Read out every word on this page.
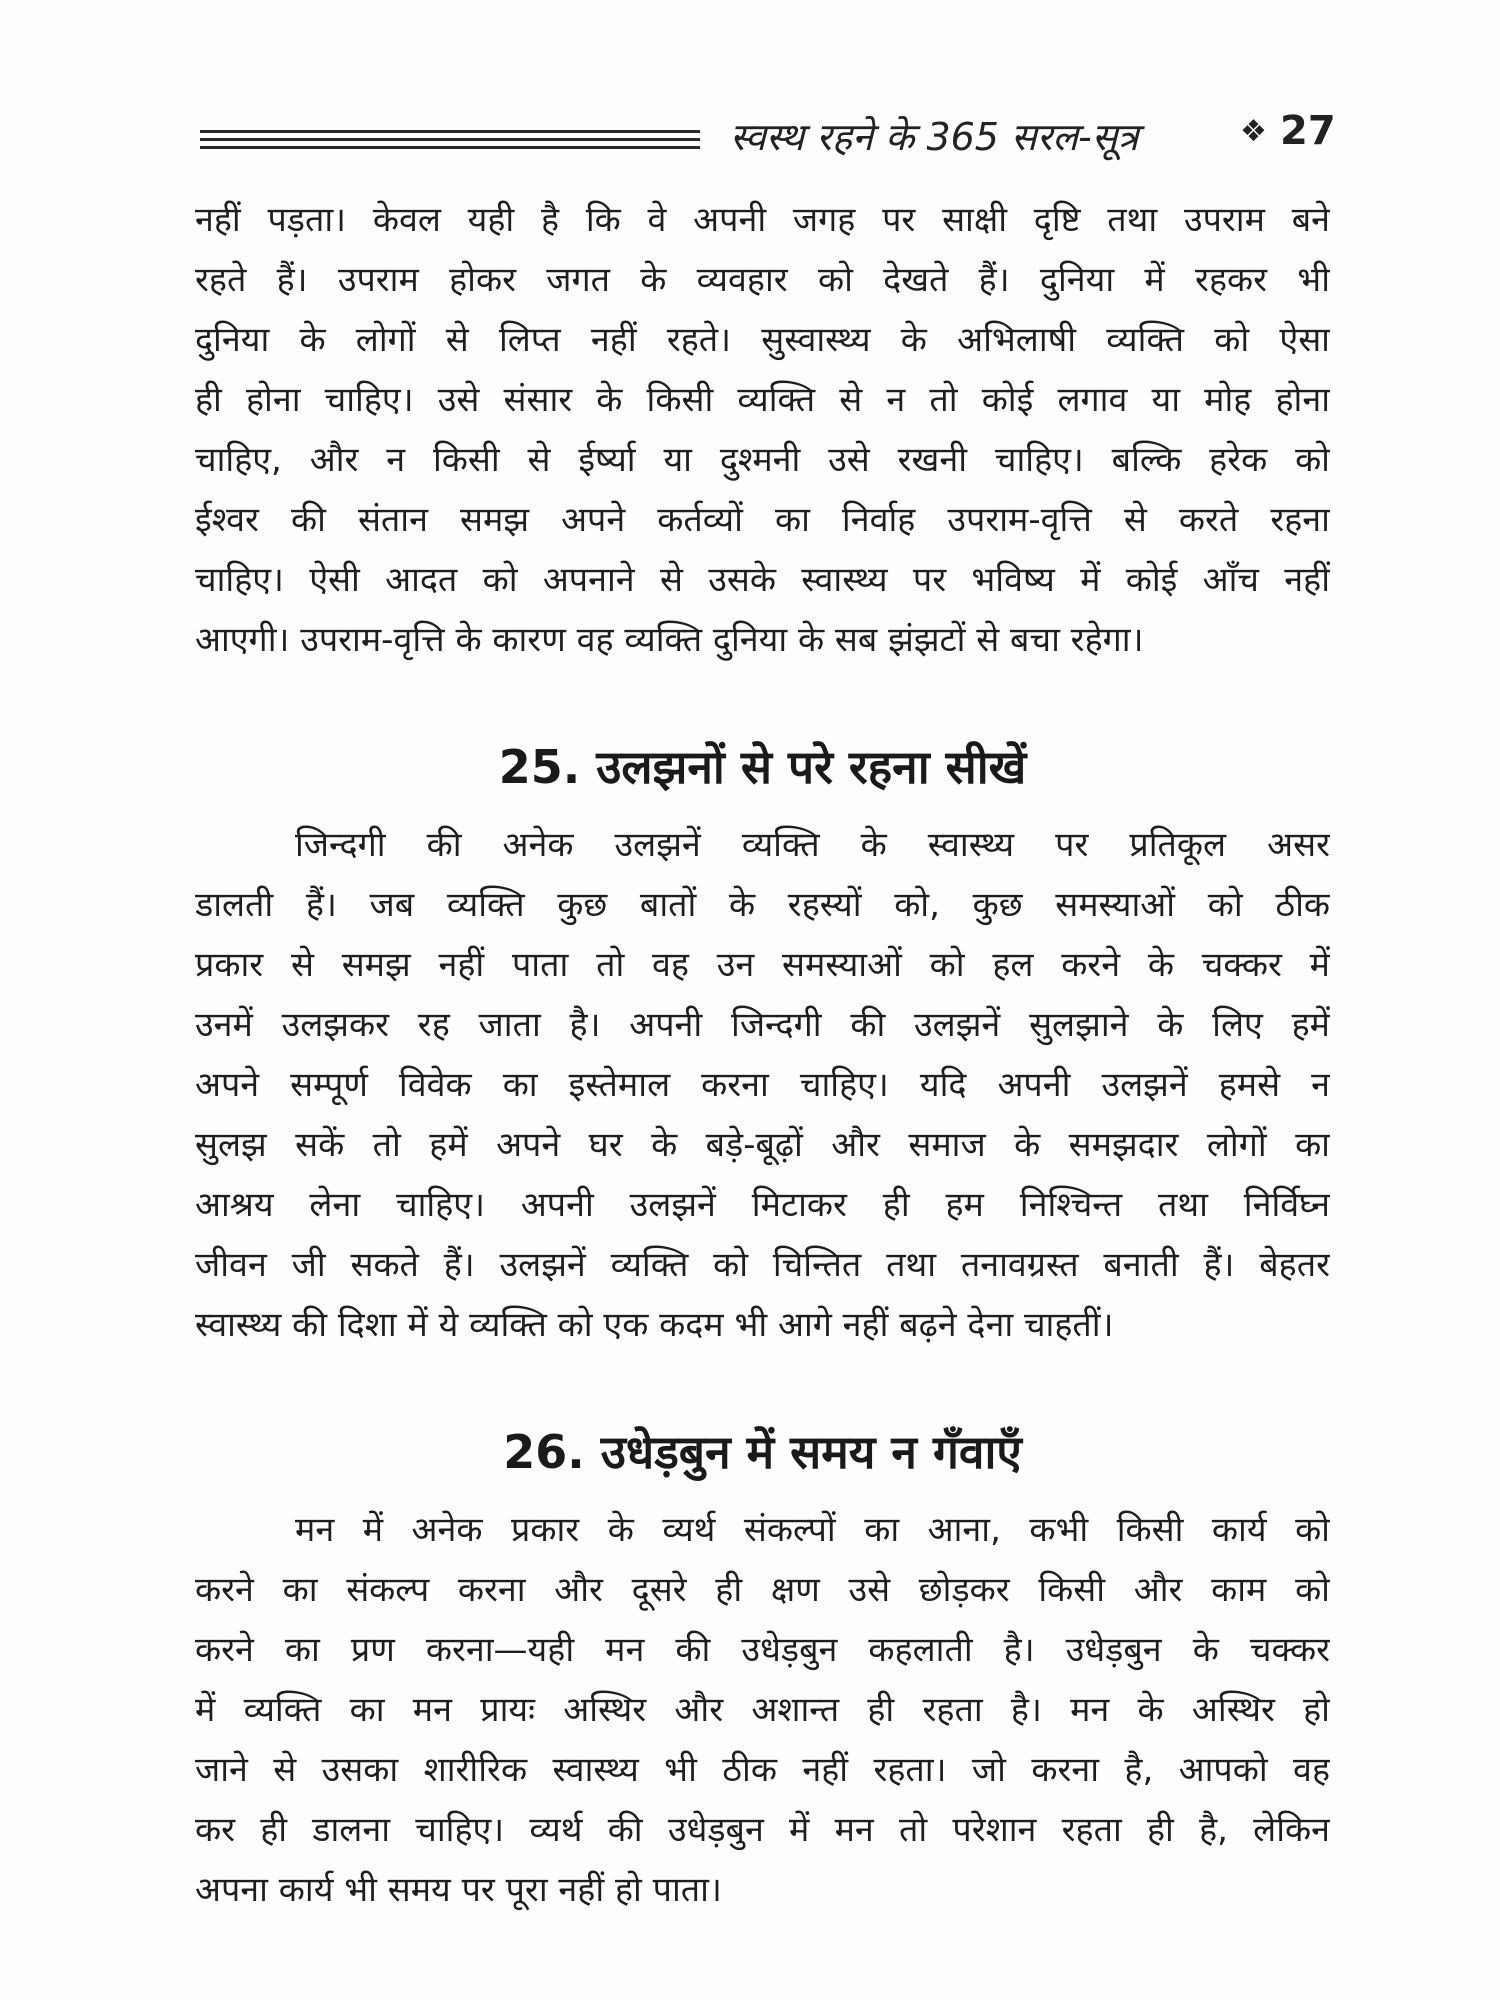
स्वस्थ रहने के 365 सरल-सूत्र	❖ 27
नहीं पड़ता। केवल यही है कि वे अपनी जगह पर साक्षी दृष्टि तथा उपराम बने
रहते हैं। उपराम होकर जगत के व्यवहार को देखते हैं। दुनिया में रहकर भी
दुनिया के लोगों से लिप्त नहीं रहते। सुस्वास्थ्य के अभिलाषी व्यक्ति को ऐसा
ही होना चाहिए। उसे संसार के किसी व्यक्ति से न तो कोई लगाव या मोह होना
चाहिए, और न किसी से ईर्ष्या या दुश्मनी उसे रखनी चाहिए। बल्कि हरेक को
ईश्वर की संतान समझ अपने कर्तव्यों का निर्वाह उपराम-वृत्ति से करते रहना
चाहिए। ऐसी आदत को अपनाने से उसके स्वास्थ्य पर भविष्य में कोई आँच नहीं
आएगी। उपराम-वृत्ति के कारण वह व्यक्ति दुनिया के सब झंझटों से बचा रहेगा।
25. उलझनों से परे रहना सीखें
जिन्दगी की अनेक उलझनें व्यक्ति के स्वास्थ्य पर प्रतिकूल असर
डालती हैं। जब व्यक्ति कुछ बातों के रहस्यों को, कुछ समस्याओं को ठीक
प्रकार से समझ नहीं पाता तो वह उन समस्याओं को हल करने के चक्कर में
उनमें उलझकर रह जाता है। अपनी जिन्दगी की उलझनें सुलझाने के लिए हमें
अपने सम्पूर्ण विवेक का इस्तेमाल करना चाहिए। यदि अपनी उलझनें हमसे न
सुलझ सकें तो हमें अपने घर के बड़े-बूढ़ों और समाज के समझदार लोगों का
आश्रय लेना चाहिए। अपनी उलझनें मिटाकर ही हम निश्चिन्त तथा निर्विघ्न
जीवन जी सकते हैं। उलझनें व्यक्ति को चिन्तित तथा तनावग्रस्त बनाती हैं। बेहतर
स्वास्थ्य की दिशा में ये व्यक्ति को एक कदम भी आगे नहीं बढ़ने देना चाहतीं।
26. उधेड़बुन में समय न गँवाएँ
मन में अनेक प्रकार के व्यर्थ संकल्पों का आना, कभी किसी कार्य को
करने का संकल्प करना और दूसरे ही क्षण उसे छोड़कर किसी और काम को
करने का प्रण करना—यही मन की उधेड़बुन कहलाती है। उधेड़बुन के चक्कर
में व्यक्ति का मन प्रायः अस्थिर और अशान्त ही रहता है। मन के अस्थिर हो
जाने से उसका शारीरिक स्वास्थ्य भी ठीक नहीं रहता। जो करना है, आपको वह
कर ही डालना चाहिए। व्यर्थ की उधेड़बुन में मन तो परेशान रहता ही है, लेकिन
अपना कार्य भी समय पर पूरा नहीं हो पाता।
